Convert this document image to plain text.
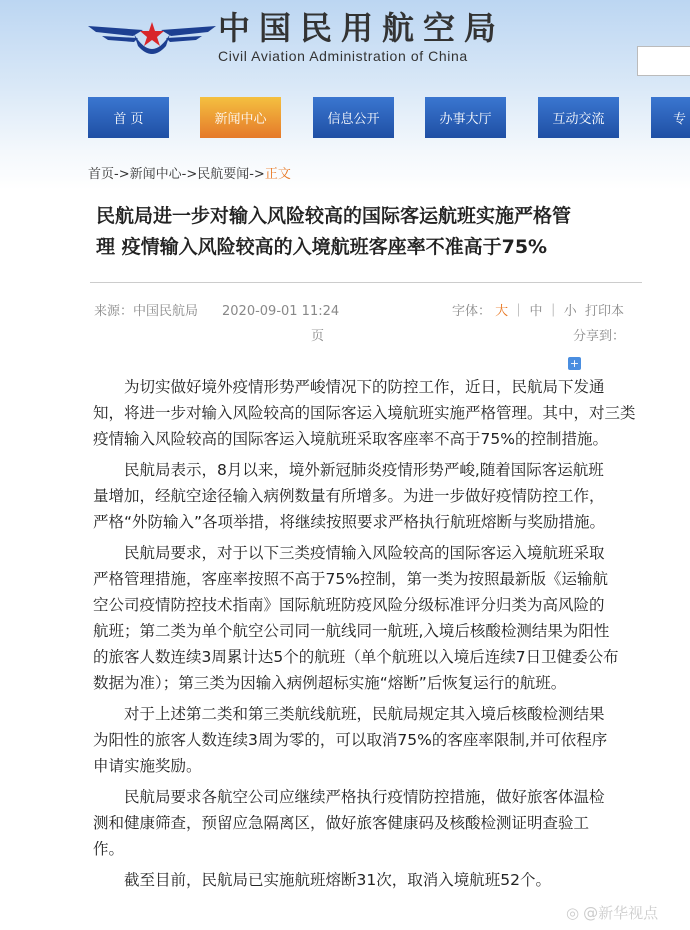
中国民用航空局
Civil Aviation Administration of China
首 页	新闻中心	信息公开	办事大厅	互动交流	专
首页->新闻中心->民航要闻->正文
民航局进一步对输入风险较高的国际客运航班实施严格管
理 疫情输入风险较高的入境航班客座率不准高于75%
来源：中国民航局 2020-09-01 11:24	字体： 大 ｜ 中 ｜ 小 打印本
页	分享到：
+

　　为切实做好境外疫情形势严峻情况下的防控工作，近日，民航局下发通
知，将进一步对输入风险较高的国际客运入境航班实施严格管理。其中，对三类
疫情输入风险较高的国际客运入境航班采取客座率不高于75%的控制措施。

　　民航局表示，8月以来，境外新冠肺炎疫情形势严峻,随着国际客运航班
量增加，经航空途径输入病例数量有所增多。为进一步做好疫情防控工作，
严格“外防输入”各项举措，将继续按照要求严格执行航班熔断与奖励措施。

　　民航局要求，对于以下三类疫情输入风险较高的国际客运入境航班采取
严格管理措施，客座率按照不高于75%控制，第一类为按照最新版《运输航
空公司疫情防控技术指南》国际航班防疫风险分级标准评分归类为高风险的
航班；第二类为单个航空公司同一航线同一航班,入境后核酸检测结果为阳性
的旅客人数连续3周累计达5个的航班（单个航班以入境后连续7日卫健委公布
数据为准）；第三类为因输入病例超标实施“熔断”后恢复运行的航班。

　　对于上述第二类和第三类航线航班，民航局规定其入境后核酸检测结果
为阳性的旅客人数连续3周为零的，可以取消75%的客座率限制,并可依程序
申请实施奖励。

　　民航局要求各航空公司应继续严格执行疫情防控措施，做好旅客体温检
测和健康筛查，预留应急隔离区，做好旅客健康码及核酸检测证明查验工
作。

　　截至目前，民航局已实施航班熔断31次，取消入境航班52个。

◎ @新华视点
